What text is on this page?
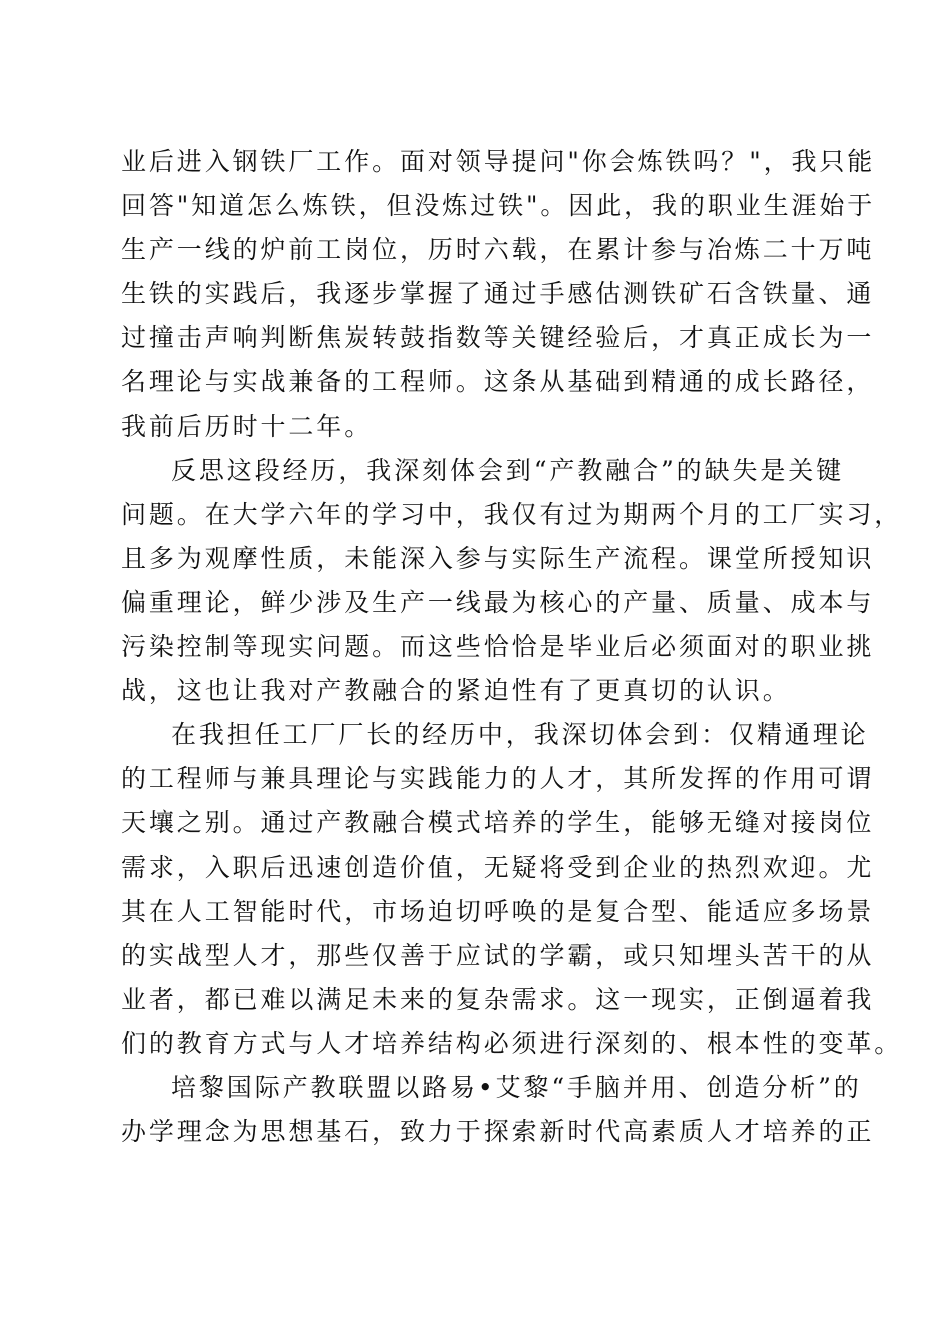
业后进入钢铁厂工作。面对领导提问"你会炼铁吗？"，我只能
回答"知道怎么炼铁，但没炼过铁"。因此，我的职业生涯始于
生产一线的炉前工岗位，历时六载，在累计参与冶炼二十万吨
生铁的实践后，我逐步掌握了通过手感估测铁矿石含铁量、通
过撞击声响判断焦炭转鼓指数等关键经验后，才真正成长为一
名理论与实战兼备的工程师。这条从基础到精通的成长路径，
我前后历时十二年。
反思这段经历，我深刻体会到“产教融合”的缺失是关键
问题。在大学六年的学习中，我仅有过为期两个月的工厂实习，
且多为观摩性质，未能深入参与实际生产流程。课堂所授知识
偏重理论，鲜少涉及生产一线最为核心的产量、质量、成本与
污染控制等现实问题。而这些恰恰是毕业后必须面对的职业挑
战，这也让我对产教融合的紧迫性有了更真切的认识。
在我担任工厂厂长的经历中，我深切体会到：仅精通理论
的工程师与兼具理论与实践能力的人才，其所发挥的作用可谓
天壤之别。通过产教融合模式培养的学生，能够无缝对接岗位
需求，入职后迅速创造价值，无疑将受到企业的热烈欢迎。尤
其在人工智能时代，市场迫切呼唤的是复合型、能适应多场景
的实战型人才，那些仅善于应试的学霸，或只知埋头苦干的从
业者，都已难以满足未来的复杂需求。这一现实，正倒逼着我
们的教育方式与人才培养结构必须进行深刻的、根本性的变革。
培黎国际产教联盟以路易•艾黎“手脑并用、创造分析”的
办学理念为思想基石，致力于探索新时代高素质人才培养的正
